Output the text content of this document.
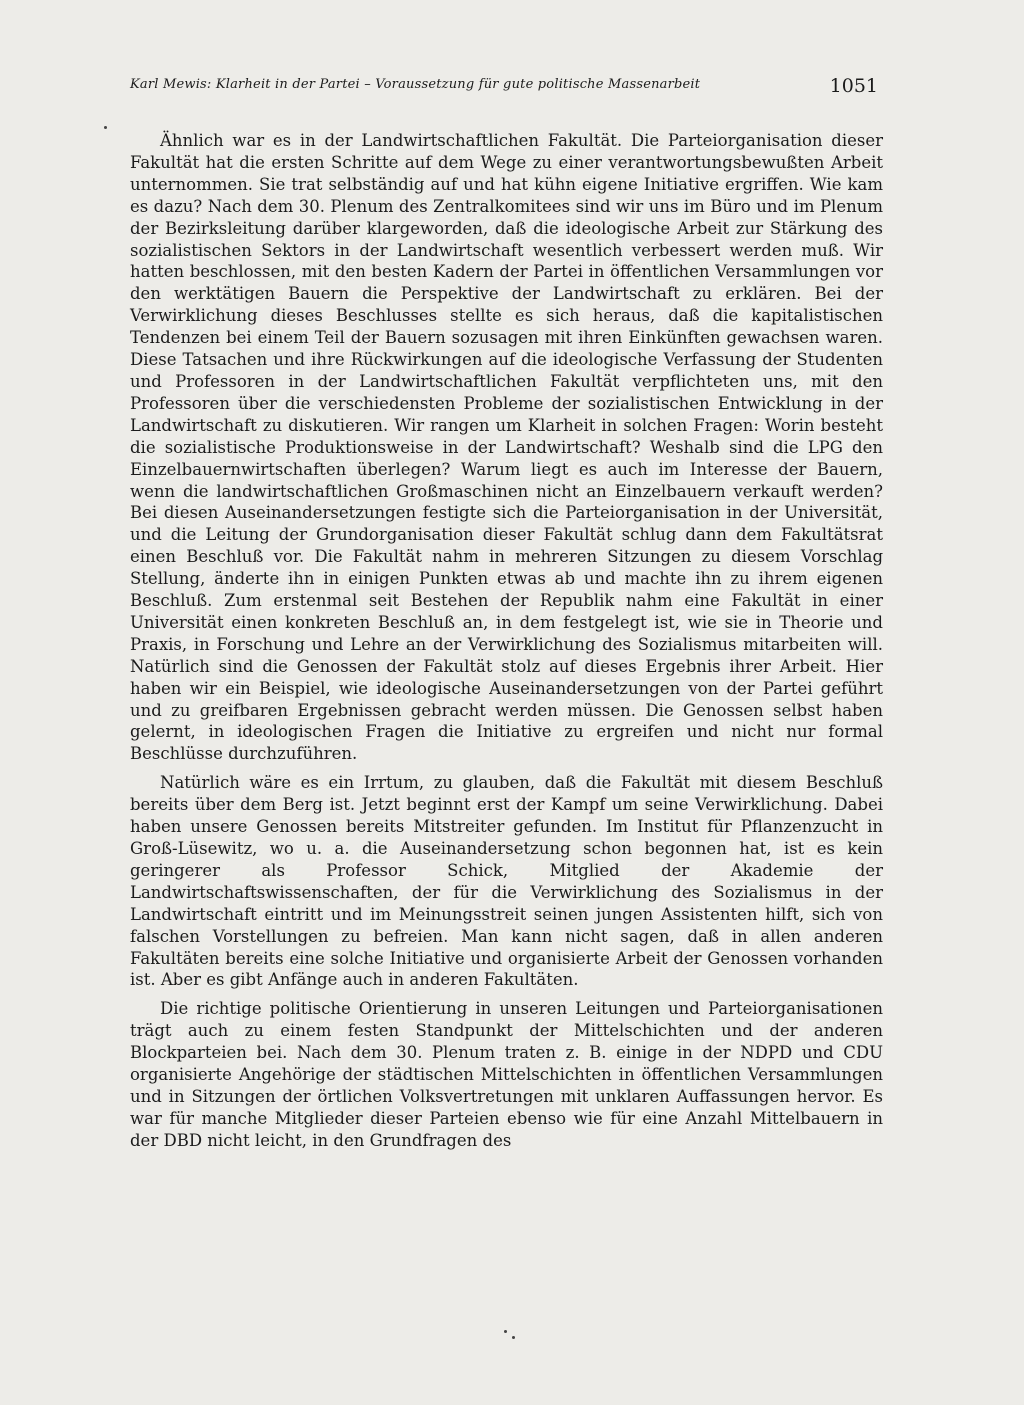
Karl Mewis: Klarheit in der Partei – Voraussetzung für gute politische Massenarbeit	1051

Ähnlich war es in der Landwirtschaftlichen Fakultät. Die Parteiorganisation dieser Fakultät hat die ersten Schritte auf dem Wege zu einer verantwortungsbewußten Arbeit unternommen. Sie trat selbständig auf und hat kühn eigene Initiative ergriffen. Wie kam es dazu? Nach dem 30. Plenum des Zentralkomitees sind wir uns im Büro und im Plenum der Bezirksleitung darüber klargeworden, daß die ideologische Arbeit zur Stärkung des sozialistischen Sektors in der Landwirtschaft wesentlich verbessert werden muß. Wir hatten beschlossen, mit den besten Kadern der Partei in öffentlichen Versammlungen vor den werktätigen Bauern die Perspektive der Landwirtschaft zu erklären. Bei der Verwirklichung dieses Beschlusses stellte es sich heraus, daß die kapitalistischen Tendenzen bei einem Teil der Bauern sozusagen mit ihren Einkünften gewachsen waren. Diese Tatsachen und ihre Rückwirkungen auf die ideologische Verfassung der Studenten und Professoren in der Landwirtschaftlichen Fakultät verpflichteten uns, mit den Professoren über die verschiedensten Probleme der sozialistischen Entwicklung in der Landwirtschaft zu diskutieren. Wir rangen um Klarheit in solchen Fragen: Worin besteht die sozialistische Produktionsweise in der Landwirtschaft? Weshalb sind die LPG den Einzelbauernwirtschaften überlegen? Warum liegt es auch im Interesse der Bauern, wenn die landwirtschaftlichen Großmaschinen nicht an Einzelbauern verkauft werden? Bei diesen Auseinandersetzungen festigte sich die Parteiorganisation in der Universität, und die Leitung der Grundorganisation dieser Fakultät schlug dann dem Fakultätsrat einen Beschluß vor. Die Fakultät nahm in mehreren Sitzungen zu diesem Vorschlag Stellung, änderte ihn in einigen Punkten etwas ab und machte ihn zu ihrem eigenen Beschluß. Zum erstenmal seit Bestehen der Republik nahm eine Fakultät in einer Universität einen konkreten Beschluß an, in dem festgelegt ist, wie sie in Theorie und Praxis, in Forschung und Lehre an der Verwirklichung des Sozialismus mitarbeiten will. Natürlich sind die Genossen der Fakultät stolz auf dieses Ergebnis ihrer Arbeit. Hier haben wir ein Beispiel, wie ideologische Auseinandersetzungen von der Partei geführt und zu greifbaren Ergebnissen gebracht werden müssen. Die Genossen selbst haben gelernt, in ideologischen Fragen die Initiative zu ergreifen und nicht nur formal Beschlüsse durchzuführen.

Natürlich wäre es ein Irrtum, zu glauben, daß die Fakultät mit diesem Beschluß bereits über dem Berg ist. Jetzt beginnt erst der Kampf um seine Verwirklichung. Dabei haben unsere Genossen bereits Mitstreiter gefunden. Im Institut für Pflanzenzucht in Groß-Lüsewitz, wo u. a. die Auseinandersetzung schon begonnen hat, ist es kein geringerer als Professor Schick, Mitglied der Akademie der Landwirtschaftswissenschaften, der für die Verwirklichung des Sozialismus in der Landwirtschaft eintritt und im Meinungsstreit seinen jungen Assistenten hilft, sich von falschen Vorstellungen zu befreien. Man kann nicht sagen, daß in allen anderen Fakultäten bereits eine solche Initiative und organisierte Arbeit der Genossen vorhanden ist. Aber es gibt Anfänge auch in anderen Fakultäten.

Die richtige politische Orientierung in unseren Leitungen und Parteiorganisationen trägt auch zu einem festen Standpunkt der Mittelschichten und der anderen Blockparteien bei. Nach dem 30. Plenum traten z. B. einige in der NDPD und CDU organisierte Angehörige der städtischen Mittelschichten in öffentlichen Versammlungen und in Sitzungen der örtlichen Volksvertretungen mit unklaren Auffassungen hervor. Es war für manche Mitglieder dieser Parteien ebenso wie für eine Anzahl Mittelbauern in der DBD nicht leicht, in den Grundfragen des
